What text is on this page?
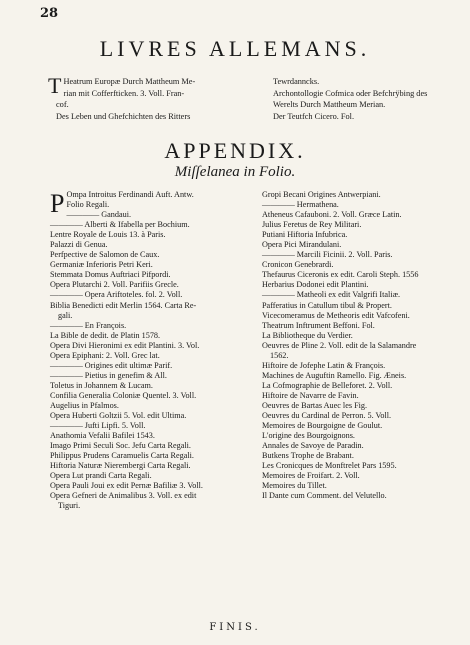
28
LIVRES ALLEMANS.
T Heatrum Europæ Durch Mattheum Me-
rian mit Cofferfticken. 3. Voll. Fran-
cof.
Des Leben und Ghefchichten des Ritters
Tewrdanncks.
Archontollogie Cofmica oder Befchrÿbing des
Werelts Durch Mattheum Merian.
Der Teutfch Cicero. Fol.
APPENDIX.
Miſſelanea in Folio.
P Ompa Introitus Ferdinandi Auft. Antw.
Folio Regali.
———— Gandaui.
———— Alberti & Ifabella per Bochium.
Lentre Royale de Louis 13. à Paris.
Palazzi di Genua.
Perfpective de Salomon de Caux.
Germaniæ Inferioris Petri Keri.
Stemmata Domus Auftriaci Pifpordi.
Opera Plutarchi 2. Voll. Parifiis Grecle.
———— Opera Ariftoteles. fol. 2. Voll.
Biblia Benedicti edit Merlin 1564. Carta Re-
gali.
———— En François.
La Bible de dedit. de Platin 1578.
Opera Divi Hieronimi ex edit Plantini. 3. Vol.
Opera Epiphani: 2. Voll. Grec lat.
———— Origines edit ultimæ Parif.
———— Pietius in genefim & All.
Toletus in Johannem & Lucam.
Confilia Generalia Coloniæ Quentel. 3. Voll.
Augelius in Pfalmos.
Opera Huberti Goltzii 5. Vol. edit Ultima.
———— Jufti Lipfi. 5. Voll.
Anathomia Vefalii Bafilei 1543.
Imago Primi Seculi Soc. Jefu Carta Regali.
Philippus Prudens Caramuelis Carta Regali.
Hiftoria Naturæ Nierembergi Carta Regali.
Opera Lut prandi Carta Regali.
Opera Pauli Joui ex edit Pernæ Bafiliæ 3. Voll.
Opera Gefneri de Animalibus 3. Voll. ex edit
Tiguri.
Gropi Becani Origines Antwerpiani.
———— Hermathena.
Atheneus Cafauboni. 2. Voll. Græce Latin.
Julius Feretus de Rey Militari.
Putiani Hiftoria Infubrica.
Opera Pici Mirandulani.
———— Marcili Ficinii. 2. Voll. Paris.
Cronicon Genebrardi.
Thefaurus Ciceronis ex edit. Caroli Steph. 1556
Herbarius Dodonei edit Plantini.
———— Matheoli ex edit Valgrifi Italiæ.
Pafferatius in Catullum tibul & Propert.
Vicecomeramus de Metheoris edit Vafcofeni.
Theatrum Inftrument Beffoni. Fol.
La Bibliotheque du Verdier.
Oeuvres de Pline 2. Voll. edit de la Salamandre
1562.
Hiftoire de Jofephe Latin & François.
Machines de Auguftin Ramello. Fig. Æneis.
La Cofmographie de Belleforet. 2. Voll.
Hiftoire de Navarre de Favin.
Oeuvres de Bartas Auec les Fig.
Oeuvres du Cardinal de Perron. 5. Voll.
Memoires de Bourgoigne de Goulut.
L'origine des Bourgoignons.
Annales de Savoye de Paradin.
Butkens Trophe de Brabant.
Les Cronicques de Monftrelet Pars 1595.
Memoires de Froifart. 2. Voll.
Memoires du Tillet.
Il Dante cum Comment. del Velutello.
FINIS.
